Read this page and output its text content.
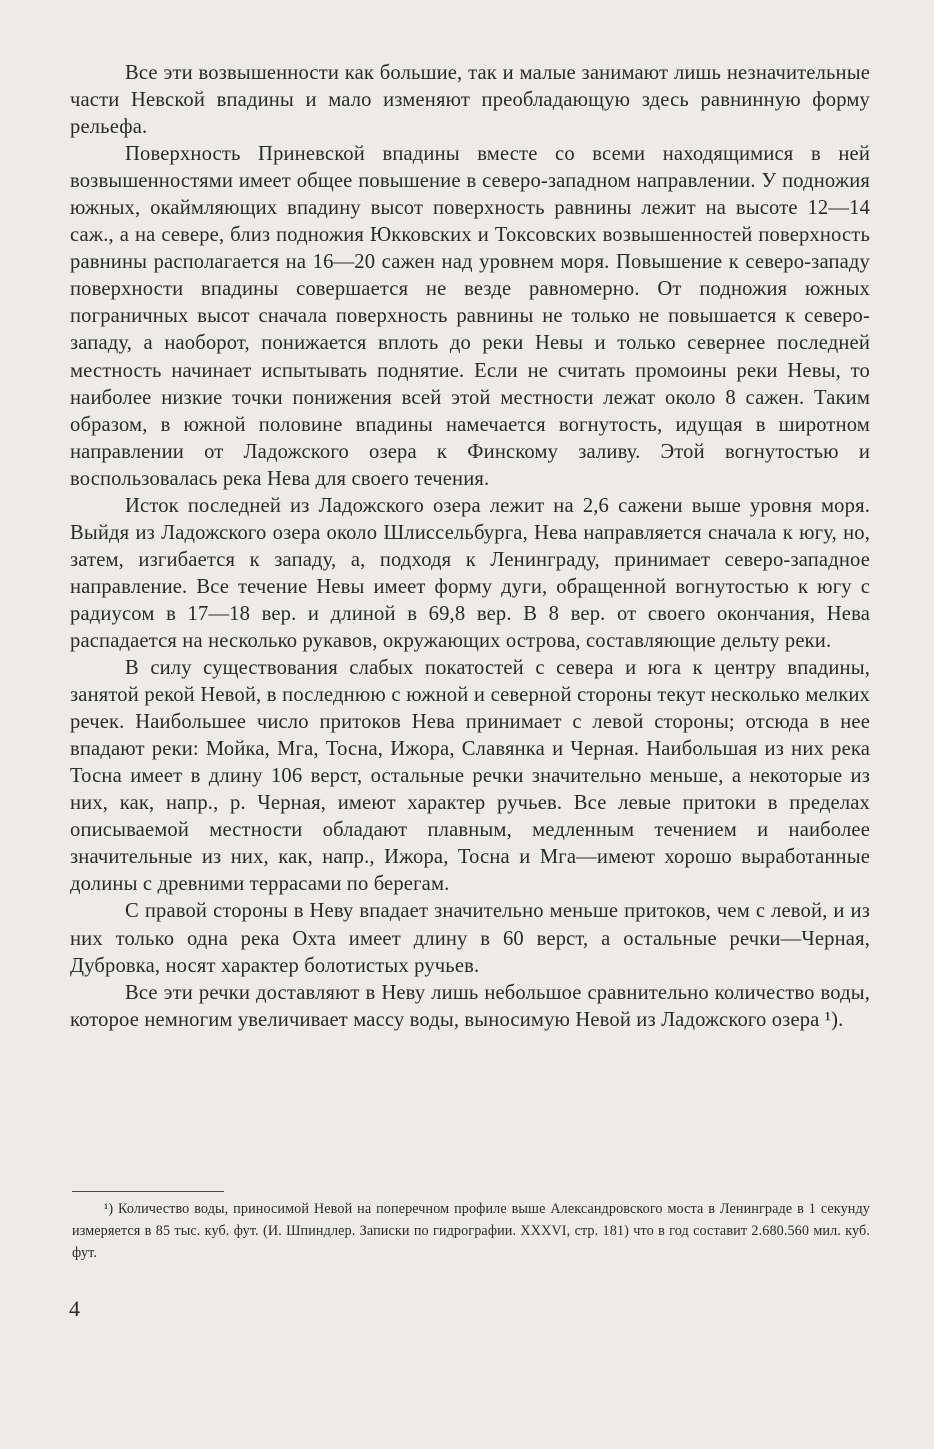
Все эти возвышенности как большие, так и малые занимают лишь незначительные части Невской впадины и мало изменяют преобладающую здесь равнинную форму рельефа.

Поверхность Приневской впадины вместе со всеми находящимися в ней возвышенностями имеет общее повышение в северо-западном направлении. У подножия южных, окаймляющих впадину высот поверхность равнины лежит на высоте 12—14 саж., а на севере, близ подножия Юкковских и Токсовских возвышенностей поверхность равнины располагается на 16—20 сажен над уровнем моря. Повышение к северо-западу поверхности впадины совершается не везде равномерно. От подножия южных пограничных высот сначала поверхность равнины не только не повышается к северо-западу, а наоборот, понижается вплоть до реки Невы и только севернее последней местность начинает испытывать поднятие. Если не считать промоины реки Невы, то наиболее низкие точки понижения всей этой местности лежат около 8 сажен. Таким образом, в южной половине впадины намечается вогнутость, идущая в широтном направлении от Ладожского озера к Финскому заливу. Этой вогнутостью и воспользовалась река Нева для своего течения.

Исток последней из Ладожского озера лежит на 2,6 сажени выше уровня моря. Выйдя из Ладожского озера около Шлиссельбурга, Нева направляется сначала к югу, но, затем, изгибается к западу, а, подходя к Ленинграду, принимает северо-западное направление. Все течение Невы имеет форму дуги, обращенной вогнутостью к югу с радиусом в 17—18 вер. и длиной в 69,8 вер. В 8 вер. от своего окончания, Нева распадается на несколько рукавов, окружающих острова, составляющие дельту реки.

В силу существования слабых покатостей с севера и юга к центру впадины, занятой рекой Невой, в последнюю с южной и северной стороны текут несколько мелких речек. Наибольшее число притоков Нева принимает с левой стороны; отсюда в нее впадают реки: Мойка, Мга, Тосна, Ижора, Славянка и Черная. Наибольшая из них река Тосна имеет в длину 106 верст, остальные речки значительно меньше, а некоторые из них, как, напр., р. Черная, имеют характер ручьев. Все левые притоки в пределах описываемой местности обладают плавным, медленным течением и наиболее значительные из них, как, напр., Ижора, Тосна и Мга—имеют хорошо выработанные долины с древними террасами по берегам.

С правой стороны в Неву впадает значительно меньше притоков, чем с левой, и из них только одна река Охта имеет длину в 60 верст, а остальные речки—Черная, Дубровка, носят характер болотистых ручьев.

Все эти речки доставляют в Неву лишь небольшое сравнительно количество воды, которое немногим увеличивает массу воды, выносимую Невой из Ладожского озера ¹).

¹) Количество воды, приносимой Невой на поперечном профиле выше Александровского моста в Ленинграде в 1 секунду измеряется в 85 тыс. куб. фут. (И. Шпиндлер. Записки по гидрографии. XXXVI, стр. 181) что в год составит 2.680.560 мил. куб. фут.

4
